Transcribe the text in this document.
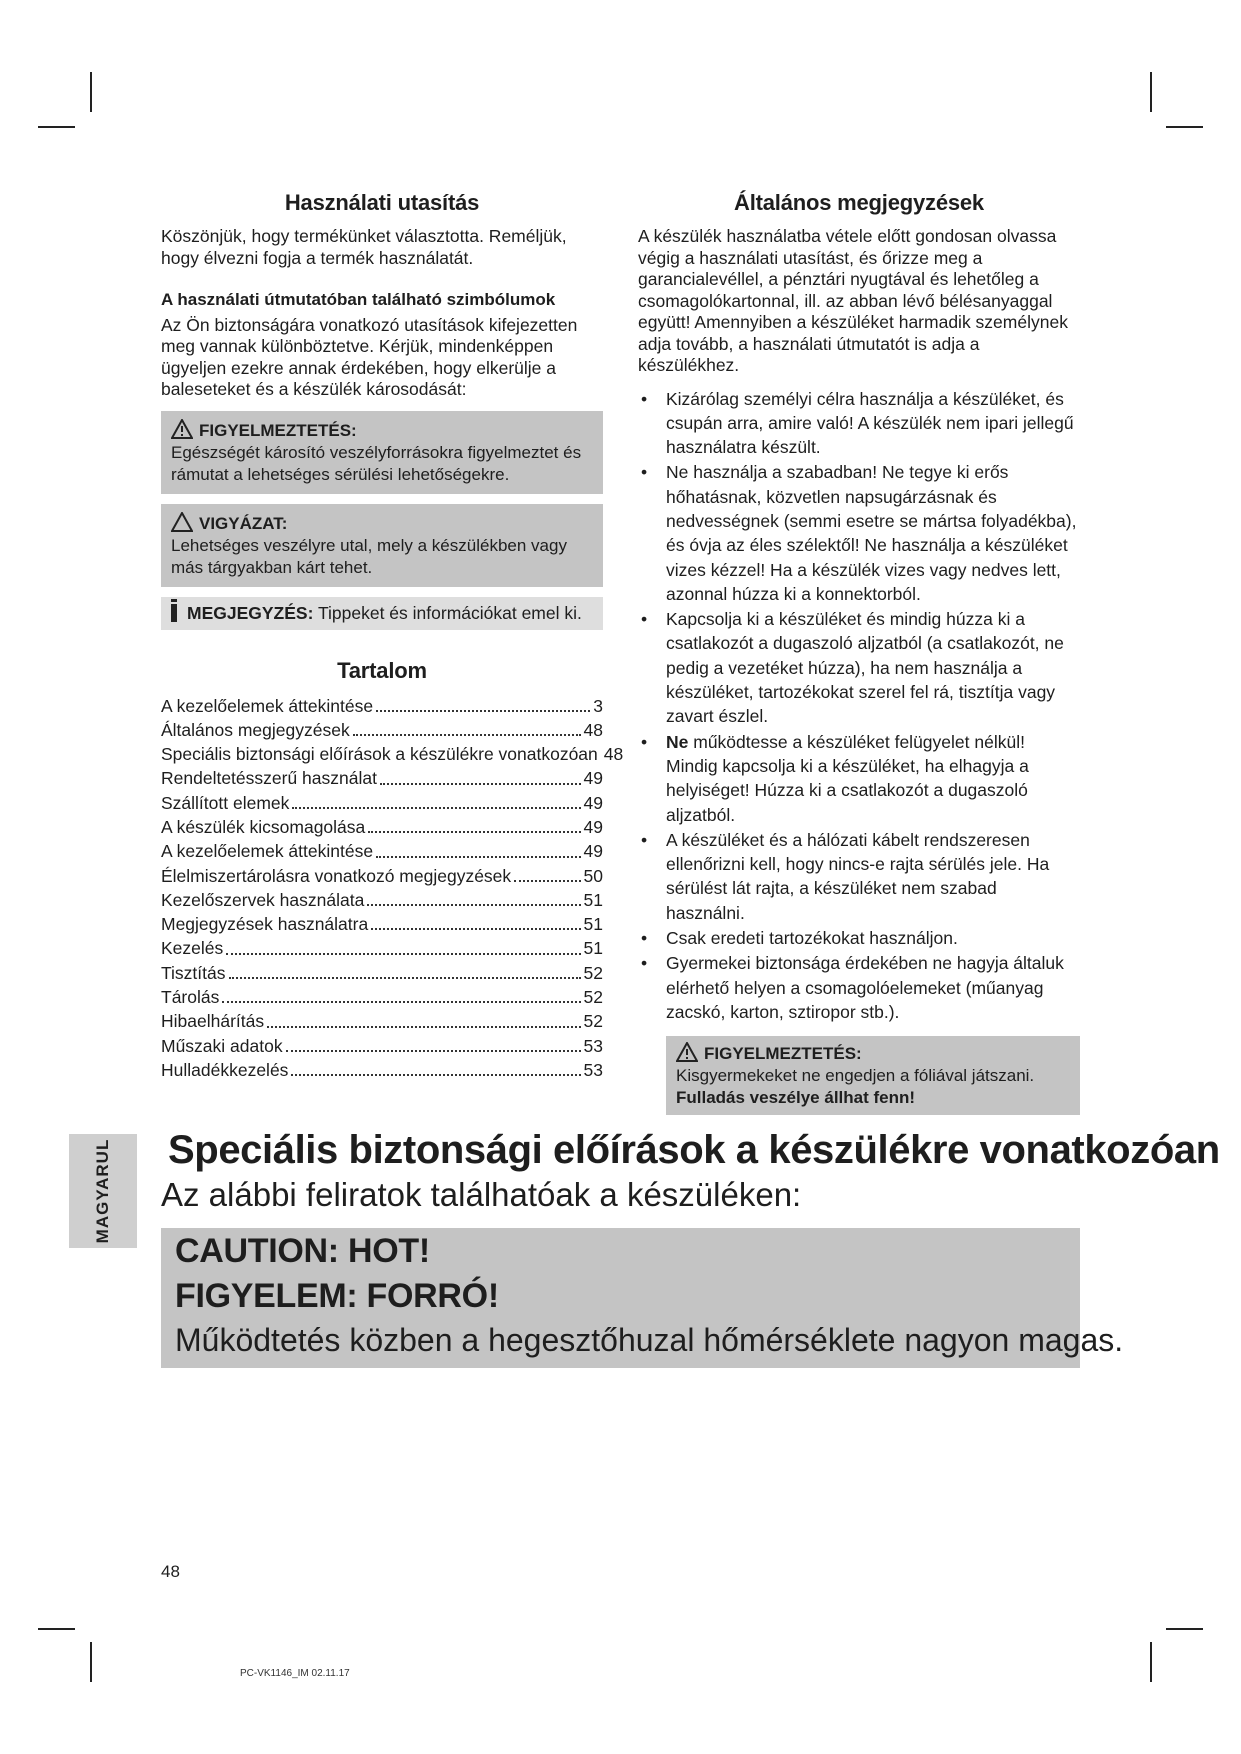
Használati utasítás

Köszönjük, hogy termékünket választotta. Reméljük, hogy élvezni fogja a termék használatát.

A használati útmutatóban található szimbólumok

Az Ön biztonságára vonatkozó utasítások kifejezetten meg vannak különböztetve. Kérjük, mindenképpen ügyeljen ezekre annak érdekében, hogy elkerülje a baleseteket és a készülék károsodását:

FIGYELMEZTETÉS:

Egészségét károsító veszélyforrásokra figyelmeztet és rámutat a lehetséges sérülési lehetőségekre.

VIGYÁZAT:

Lehetséges veszélyre utal, mely a készülékben vagy más tárgyakban kárt tehet.

MEGJEGYZÉS: Tippeket és információkat emel ki.
Tartalom
A kezelőelemek áttekintése	3
Általános megjegyzések	48
Speciális biztonsági előírások a készülékre vonatkozóan 48
Rendeltetésszerű használat	49
Szállított elemek	49
A készülék kicsomagolása	49
A kezelőelemek áttekintése	49
Élelmiszertárolásra vonatkozó megjegyzések	50
Kezelőszervek használata	51
Megjegyzések használatra	51
Kezelés	51
Tisztítás	52
Tárolás	52
Hibaelhárítás	52
Műszaki adatok	53
Hulladékkezelés	53
Általános megjegyzések

A készülék használatba vétele előtt gondosan olvassa végig a használati utasítást, és őrizze meg a garancialevéllel, a pénztári nyugtával és lehetőleg a csomagolókartonnal, ill. az abban lévő bélésanyaggal együtt! Amennyiben a készüléket harmadik személynek adja tovább, a használati útmutatót is adja a készülékhez.

• Kizárólag személyi célra használja a készüléket, és csupán arra, amire való! A készülék nem ipari jellegű használatra készült.
• Ne használja a szabadban! Ne tegye ki erős hőhatásnak, közvetlen napsugárzásnak és nedvességnek (semmi esetre se mártsa folyadékba), és óvja az éles szélektől! Ne használja a készüléket vizes kézzel! Ha a készülék vizes vagy nedves lett, azonnal húzza ki a konnektorból.
• Kapcsolja ki a készüléket és mindig húzza ki a csatlakozót a dugaszoló aljzatból (a csatlakozót, ne pedig a vezetéket húzza), ha nem használja a készüléket, tartozékokat szerel fel rá, tisztítja vagy zavart észlel.
• Ne működtesse a készüléket felügyelet nélkül! Mindig kapcsolja ki a készüléket, ha elhagyja a helyiséget! Húzza ki a csatlakozót a dugaszoló aljzatból.
• A készüléket és a hálózati kábelt rendszeresen ellenőrizni kell, hogy nincs-e rajta sérülés jele. Ha sérülést lát rajta, a készüléket nem szabad használni.
• Csak eredeti tartozékokat használjon.
• Gyermekei biztonsága érdekében ne hagyja általuk elérhető helyen a csomagolóelemeket (műanyag zacskó, karton, sztiropor stb.).

FIGYELMEZTETÉS:

Kisgyermekeket ne engedjen a fóliával játszani.

Fulladás veszélye állhat fenn!

MAGYARUL Speciális biztonsági előírások a készülékre vonatkozóan

Az alábbi feliratok találhatóak a készüléken:

CAUTION: HOT!
FIGYELEM: FORRÓ!
Működtetés közben a hegesztőhuzal hőmérséklete nagyon magas.
48
PC-VK1146_IM 02.11.17
